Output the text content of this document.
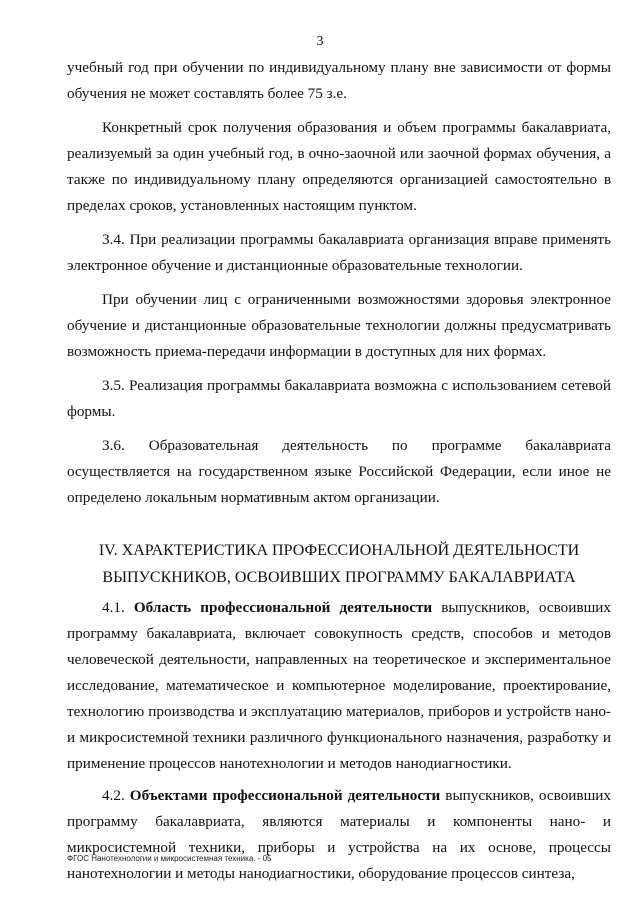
3

учебный год при обучении по индивидуальному плану вне зависимости от формы обучения не может составлять более 75 з.е.

Конкретный срок получения образования и объем программы бакалавриата, реализуемый за один учебный год, в очно-заочной или заочной формах обучения, а также по индивидуальному плану определяются организацией самостоятельно в пределах сроков, установленных настоящим пунктом.

3.4. При реализации программы бакалавриата организация вправе применять электронное обучение и дистанционные образовательные технологии.

При обучении лиц с ограниченными возможностями здоровья электронное обучение и дистанционные образовательные технологии должны предусматривать возможность приема-передачи информации в доступных для них формах.

3.5. Реализация программы бакалавриата возможна с использованием сетевой формы.

3.6. Образовательная деятельность по программе бакалавриата осуществляется на государственном языке Российской Федерации, если иное не определено локальным нормативным актом организации.

IV. ХАРАКТЕРИСТИКА ПРОФЕССИОНАЛЬНОЙ ДЕЯТЕЛЬНОСТИ
ВЫПУСКНИКОВ, ОСВОИВШИХ ПРОГРАММУ БАКАЛАВРИАТА

4.1. Область профессиональной деятельности выпускников, освоивших программу бакалавриата, включает совокупность средств, способов и методов человеческой деятельности, направленных на теоретическое и экспериментальное исследование, математическое и компьютерное моделирование, проектирование, технологию производства и эксплуатацию материалов, приборов и устройств нано- и микросистемной техники различного функционального назначения, разработку и применение процессов нанотехнологии и методов нанодиагностики.

4.2. Объектами профессиональной деятельности выпускников, освоивших программу бакалавриата, являются материалы и компоненты нано- и микросистемной техники, приборы и устройства на их основе, процессы нанотехнологии и методы нанодиагностики, оборудование процессов синтеза,

ФГОС Нанотехнологии и микросистемная техника. - 05
